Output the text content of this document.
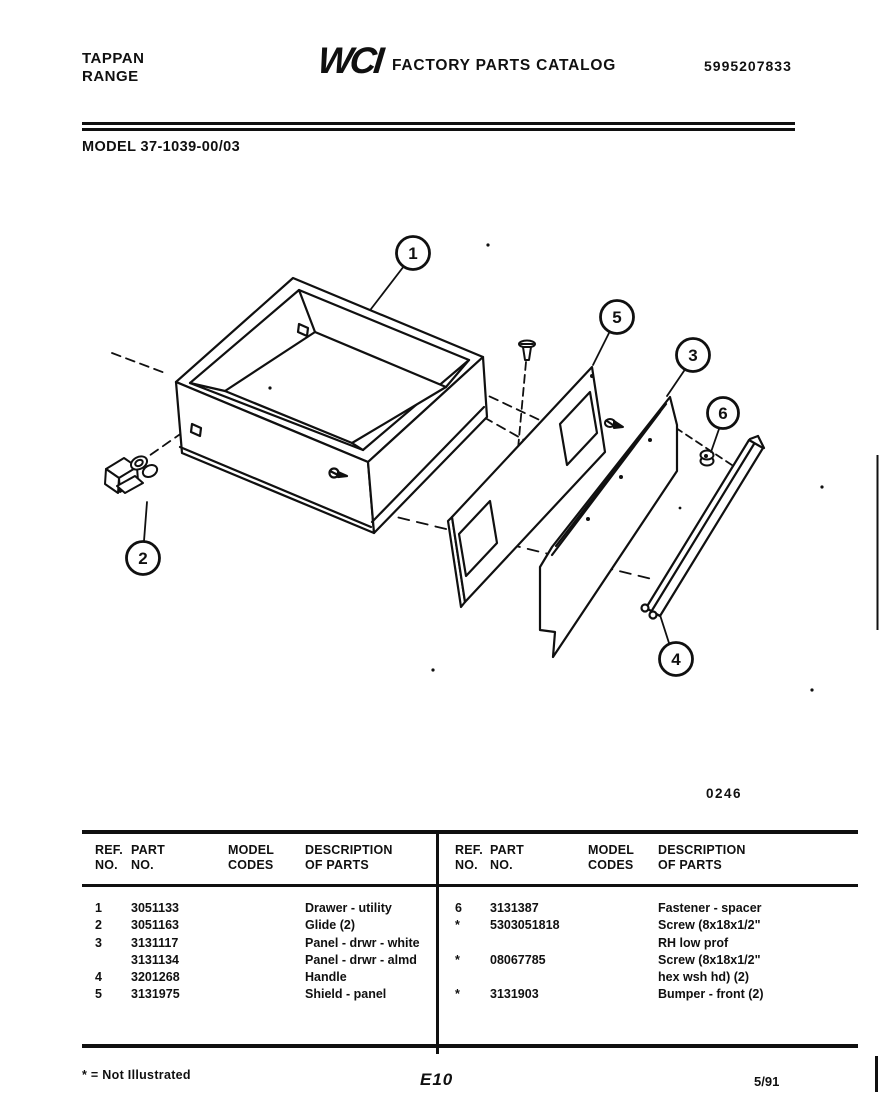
TAPPAN
RANGE	WCI FACTORY PARTS CATALOG	5995207833
MODEL 37-1039-00/03
1
2
3
4
5
6
0246
REF.
NO.
PART
NO.
MODEL
CODES
DESCRIPTION
OF PARTS
REF.
NO.
PART
NO.
MODEL
CODES
DESCRIPTION
OF PARTS
1	3051133	Drawer - utility
2	3051163	Glide (2)
3	3131117	Panel - drwr - white
3131134	Panel - drwr - almd
4	3201268	Handle
5	3131975	Shield - panel
6	3131387	Fastener - spacer
*	5303051818	Screw (8x18x1/2"
RH low prof
*	08067785	Screw (8x18x1/2"
hex wsh hd) (2)
*	3131903	Bumper - front (2)
* = Not Illustrated	E10	5/91
